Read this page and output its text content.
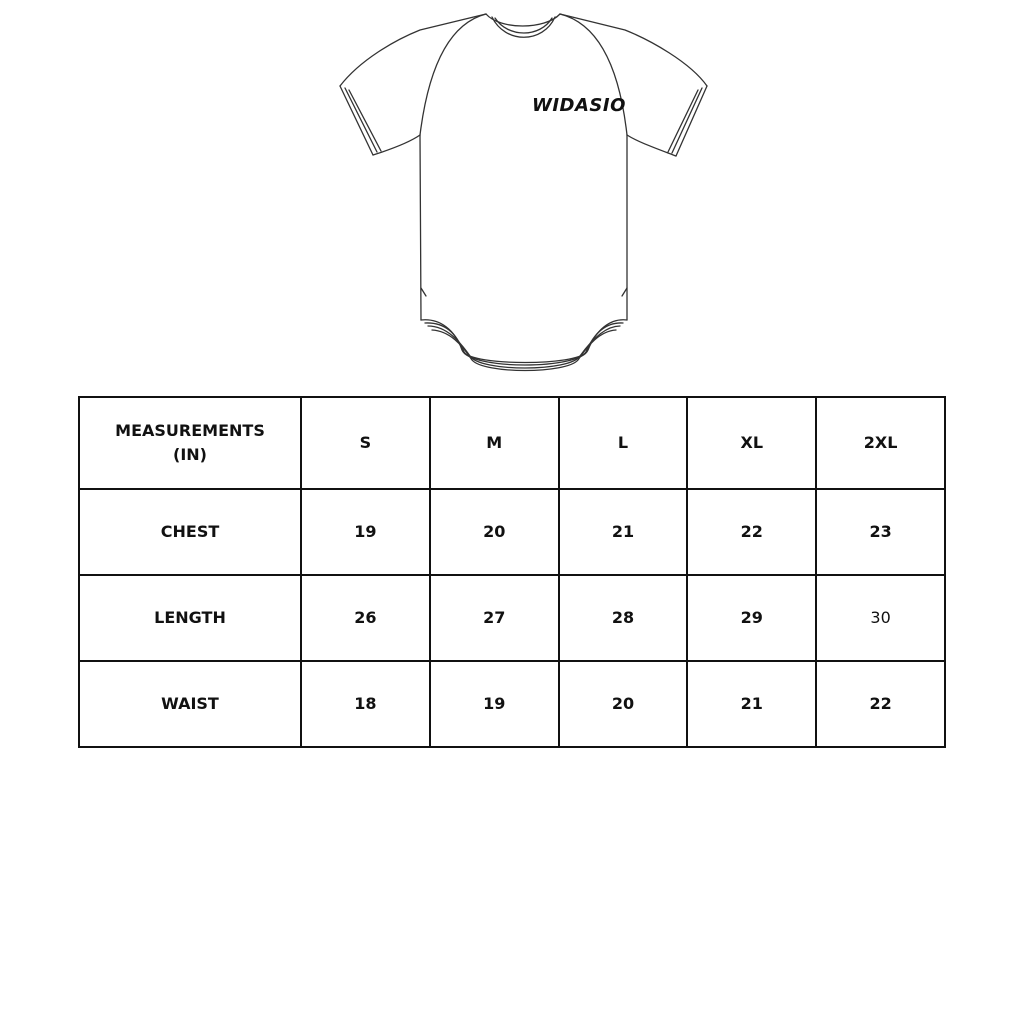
WIDASIO
MEASUREMENTS
(IN)	S	M	L	XL	2XL
CHEST	19	20	21	22	23
LENGTH	26	27	28	29	30
WAIST	18	19	20	21	22
